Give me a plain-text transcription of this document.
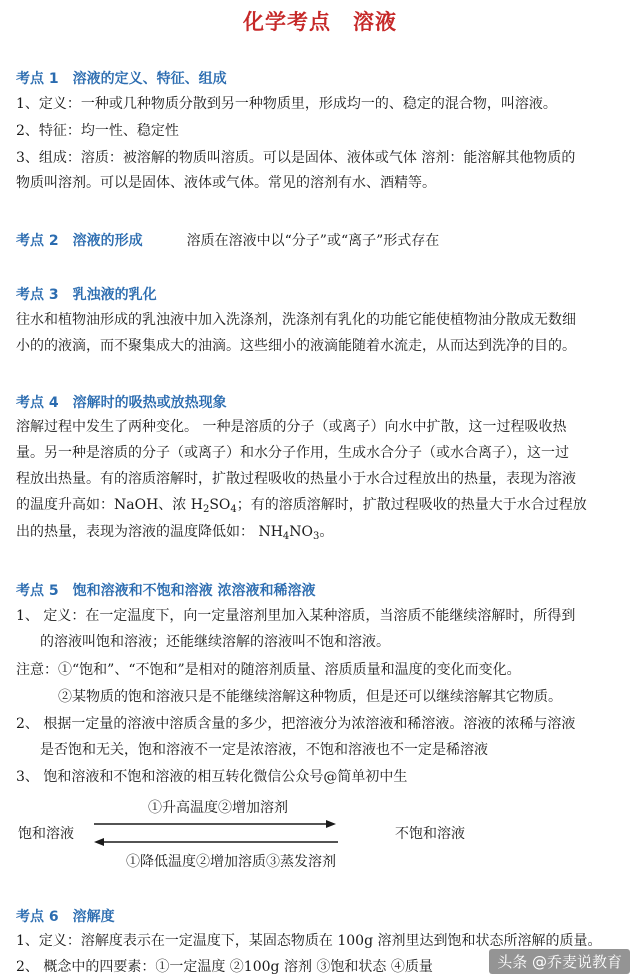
化学考点　溶液
考点 1 溶液的定义、特征、组成
1、定义：一种或几种物质分散到另一种物质里，形成均一的、稳定的混合物，叫溶液。
2、特征：均一性、稳定性
3、组成：溶质：被溶解的物质叫溶质。可以是固体、液体或气体 溶剂：能溶解其他物质的
物质叫溶剂。可以是固体、液体或气体。常见的溶剂有水、酒精等。
考点 2 溶液的形成	溶质在溶液中以“分子”或“离子”形式存在
考点 3 乳浊液的乳化
往水和植物油形成的乳浊液中加入洗涤剂，洗涤剂有乳化的功能它能使植物油分散成无数细
小的的液滴，而不聚集成大的油滴。这些细小的液滴能随着水流走，从而达到洗净的目的。
考点 4 溶解时的吸热或放热现象
溶解过程中发生了两种变化。 一种是溶质的分子（或离子）向水中扩散，这一过程吸收热
量。另一种是溶质的分子（或离子）和水分子作用，生成水合分子（或水合离子），这一过
程放出热量。有的溶质溶解时，扩散过程吸收的热量小于水合过程放出的热量，表现为溶液
的温度升高如：NaOH、浓 $H_2SO_4$；有的溶质溶解时，扩散过程吸收的热量大于水合过程放
出的热量，表现为溶液的温度降低如： $NH_4NO_3$。
考点 5 饱和溶液和不饱和溶液 浓溶液和稀溶液
1、 定义：在一定温度下，向一定量溶剂里加入某种溶质，当溶质不能继续溶解时，所得到
的溶液叫饱和溶液；还能继续溶解的溶液叫不饱和溶液。
注意：①“饱和”、“不饱和”是相对的随溶剂质量、溶质质量和温度的变化而变化。
②某物质的饱和溶液只是不能继续溶解这种物质，但是还可以继续溶解其它物质。
2、 根据一定量的溶液中溶质含量的多少，把溶液分为浓溶液和稀溶液。溶液的浓稀与溶液
是否饱和无关，饱和溶液不一定是浓溶液，不饱和溶液也不一定是稀溶液
3、 饱和溶液和不饱和溶液的相互转化微信公众号@简单初中生
①升高温度②增加溶剂
饱和溶液	不饱和溶液
①降低温度②增加溶质③蒸发溶剂
考点 6 溶解度
1、定义：溶解度表示在一定温度下，某固态物质在 100g 溶剂里达到饱和状态所溶解的质量。
2、 概念中的四要素：①一定温度 ②100g 溶剂 ③饱和状态 ④质量	头条 @乔麦说教育
